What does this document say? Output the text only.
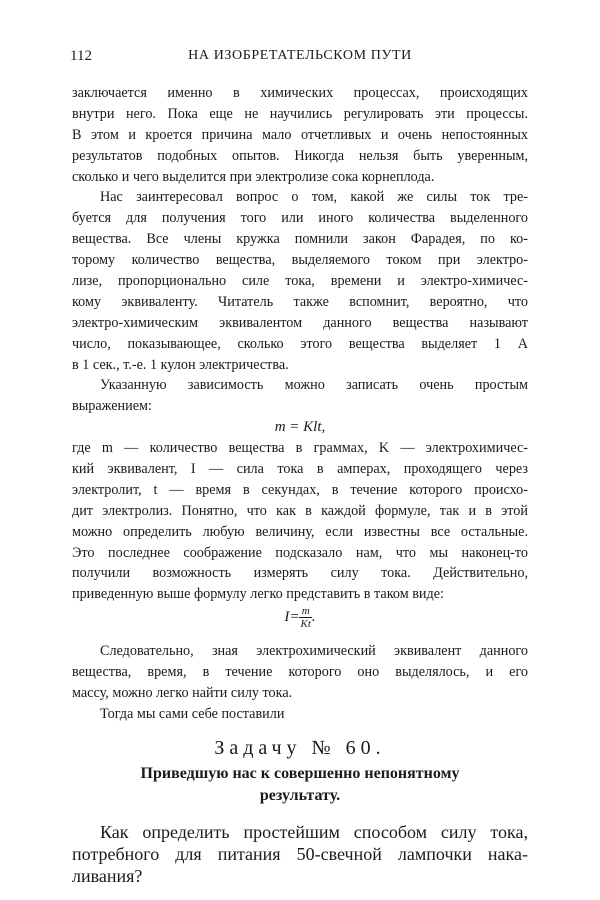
112	НА ИЗОБРЕТАТЕЛЬСКОМ ПУТИ
заключается именно в химических процессах, происходящих
внутри него. Пока еще не научились регулировать эти процессы.
В этом и кроется причина мало отчетливых и очень непостоянных
результатов подобных опытов. Никогда нельзя быть уверенным,
сколько и чего выделится при электролизе сока корнеплода.
Нас заинтересовал вопрос о том, какой же силы ток тре-
буется для получения того или иного количества выделенного
вещества. Все члены кружка помнили закон Фарадея, по ко-
торому количество вещества, выделяемого током при электро-
лизе, пропорционально силе тока, времени и электро-химичес-
кому эквиваленту. Читатель также вспомнит, вероятно, что
электро-химическим эквивалентом данного вещества называют
число, показывающее, сколько этого вещества выделяет 1 A
в 1 сек., т.-е. 1 кулон электричества.
Указанную зависимость можно записать очень простым
выражением:
m = Klt,
где m — количество вещества в граммах, K — электрохимичес-
кий эквивалент, I — сила тока в амперах, проходящего через
электролит, t — время в секундах, в течение которого происхо-
дит электролиз. Понятно, что как в каждой формуле, так и в этой
можно определить любую величину, если известны все остальные.
Это последнее соображение подсказало нам, что мы наконец-то
получили возможность измерять силу тока. Действительно,
приведенную выше формулу легко представить в таком виде:
$I= \frac{m}{Kt}$ .
Следовательно, зная электрохимический эквивалент данного
вещества, время, в течение которого оно выделялось, и его
массу, можно легко найти силу тока.
Тогда мы сами себе поставили
Задачу № 60.
Приведшую нас к совершенно непонятному
результату.
Как определить простейшим способом силу тока,
потребного для питания 50-свечной лампочки нака-
ливания?
